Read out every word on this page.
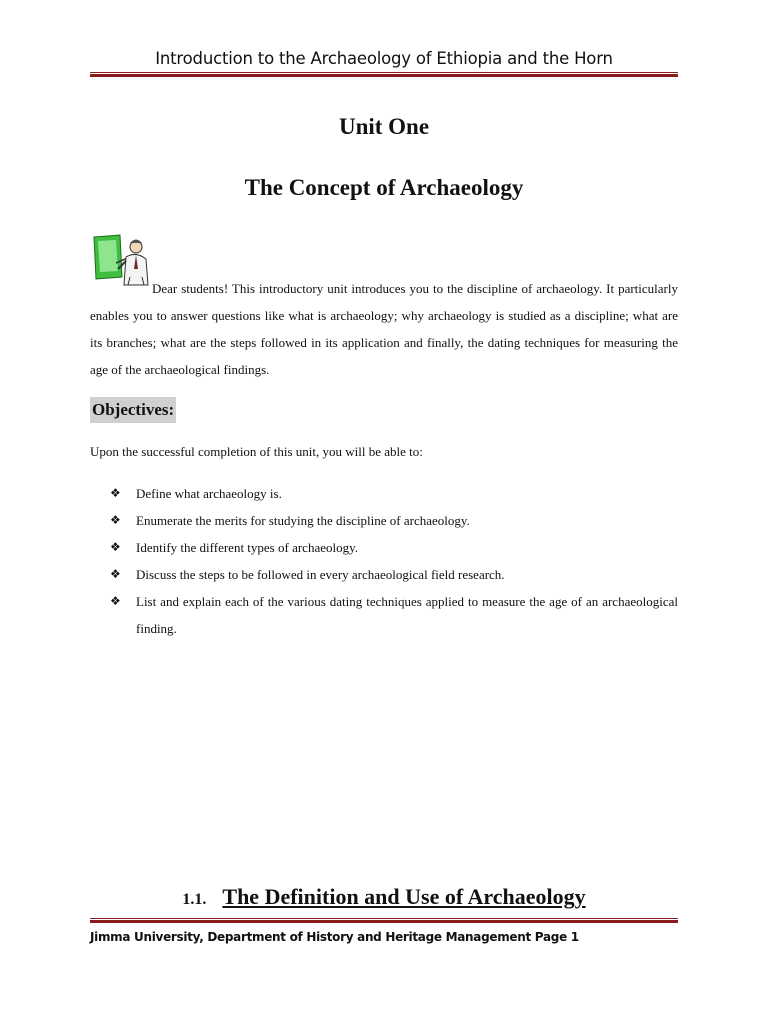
Introduction to the Archaeology of Ethiopia and the Horn
Unit One
The Concept of Archaeology
Dear students! This introductory unit introduces you to the discipline of archaeology. It particularly enables you to answer questions like what is archaeology; why archaeology is studied as a discipline; what are its branches; what are the steps followed in its application and finally, the dating techniques for measuring the age of the archaeological findings.
Objectives:
Upon the successful completion of this unit, you will be able to:
❖ Define what archaeology is.
❖ Enumerate the merits for studying the discipline of archaeology.
❖ Identify the different types of archaeology.
❖ Discuss the steps to be followed in every archaeological field research.
❖ List and explain each of the various dating techniques applied to measure the age of an archaeological finding.
1.1. The Definition and Use of Archaeology
Jimma University, Department of History and Heritage Management Page 1
